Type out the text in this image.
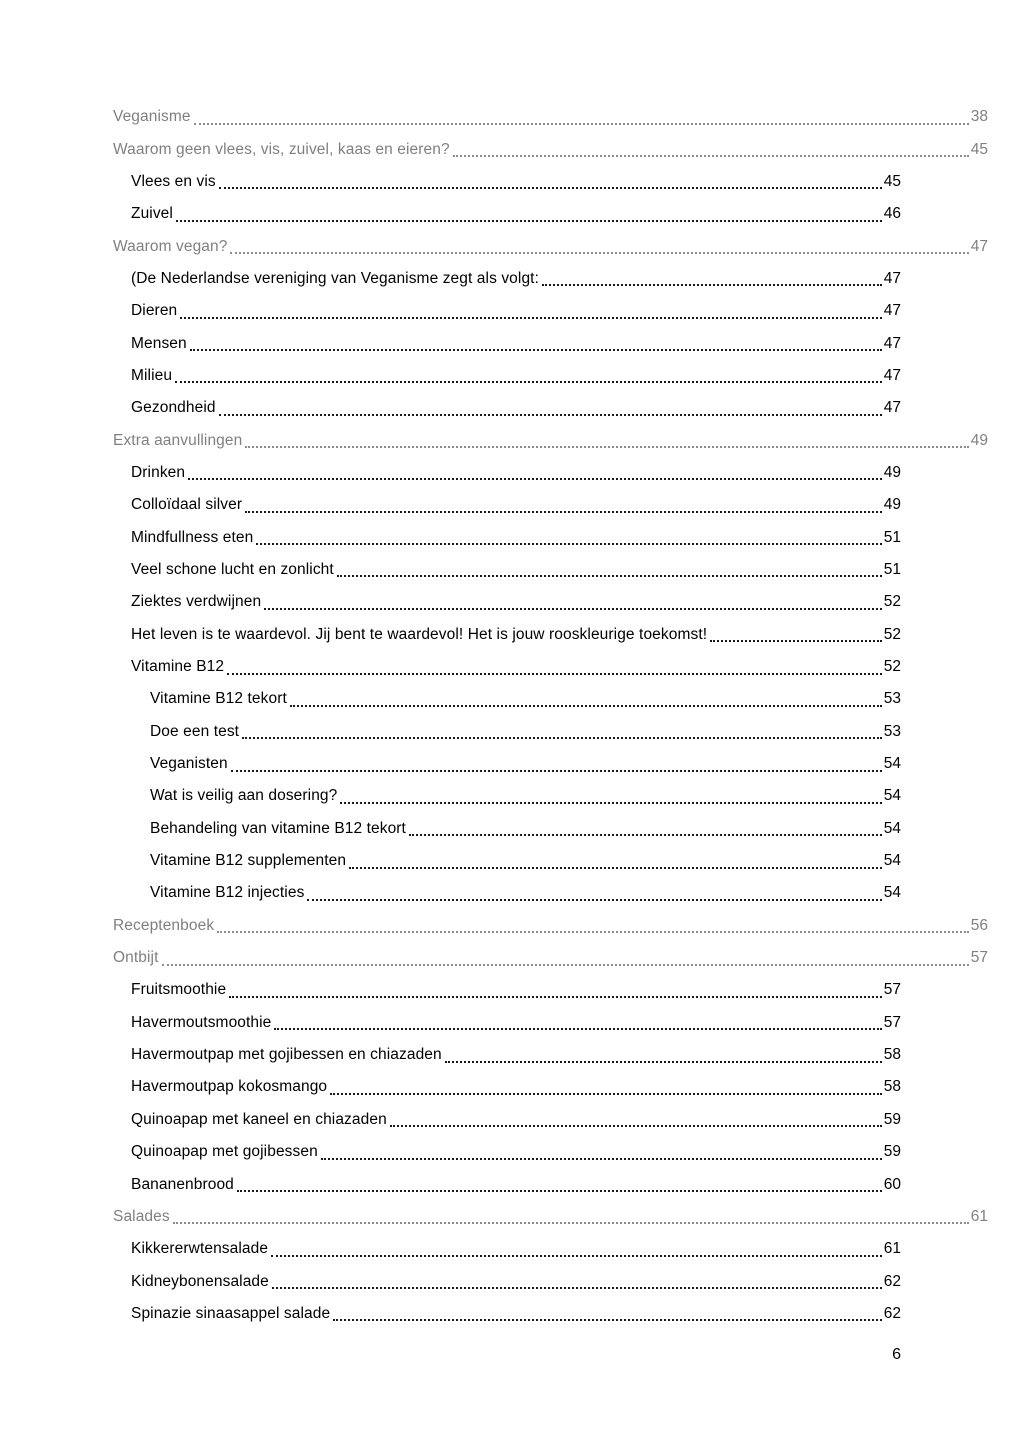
Veganisme	38
Waarom geen vlees, vis, zuivel, kaas en eieren?	45
Vlees en vis	45
Zuivel	46
Waarom vegan?	47
(De Nederlandse vereniging van Veganisme zegt als volgt:	47
Dieren	47
Mensen	47
Milieu	47
Gezondheid	47
Extra aanvullingen	49
Drinken	49
Colloïdaal silver	49
Mindfullness eten	51
Veel schone lucht en zonlicht	51
Ziektes verdwijnen	52
Het leven is te waardevol. Jij bent te waardevol! Het is jouw rooskleurige toekomst!	52
Vitamine B12	52
Vitamine B12 tekort	53
Doe een test	53
Veganisten	54
Wat is veilig aan dosering?	54
Behandeling van vitamine B12 tekort	54
Vitamine B12 supplementen	54
Vitamine B12 injecties	54
Receptenboek	56
Ontbijt	57
Fruitsmoothie	57
Havermoutsmoothie	57
Havermoutpap met gojibessen en chiazaden	58
Havermoutpap kokosmango	58
Quinoapap met kaneel en chiazaden	59
Quinoapap met gojibessen	59
Bananenbrood	60
Salades	61
Kikkererwtensalade	61
Kidneybonensalade	62
Spinazie sinaasappel salade	62
6
